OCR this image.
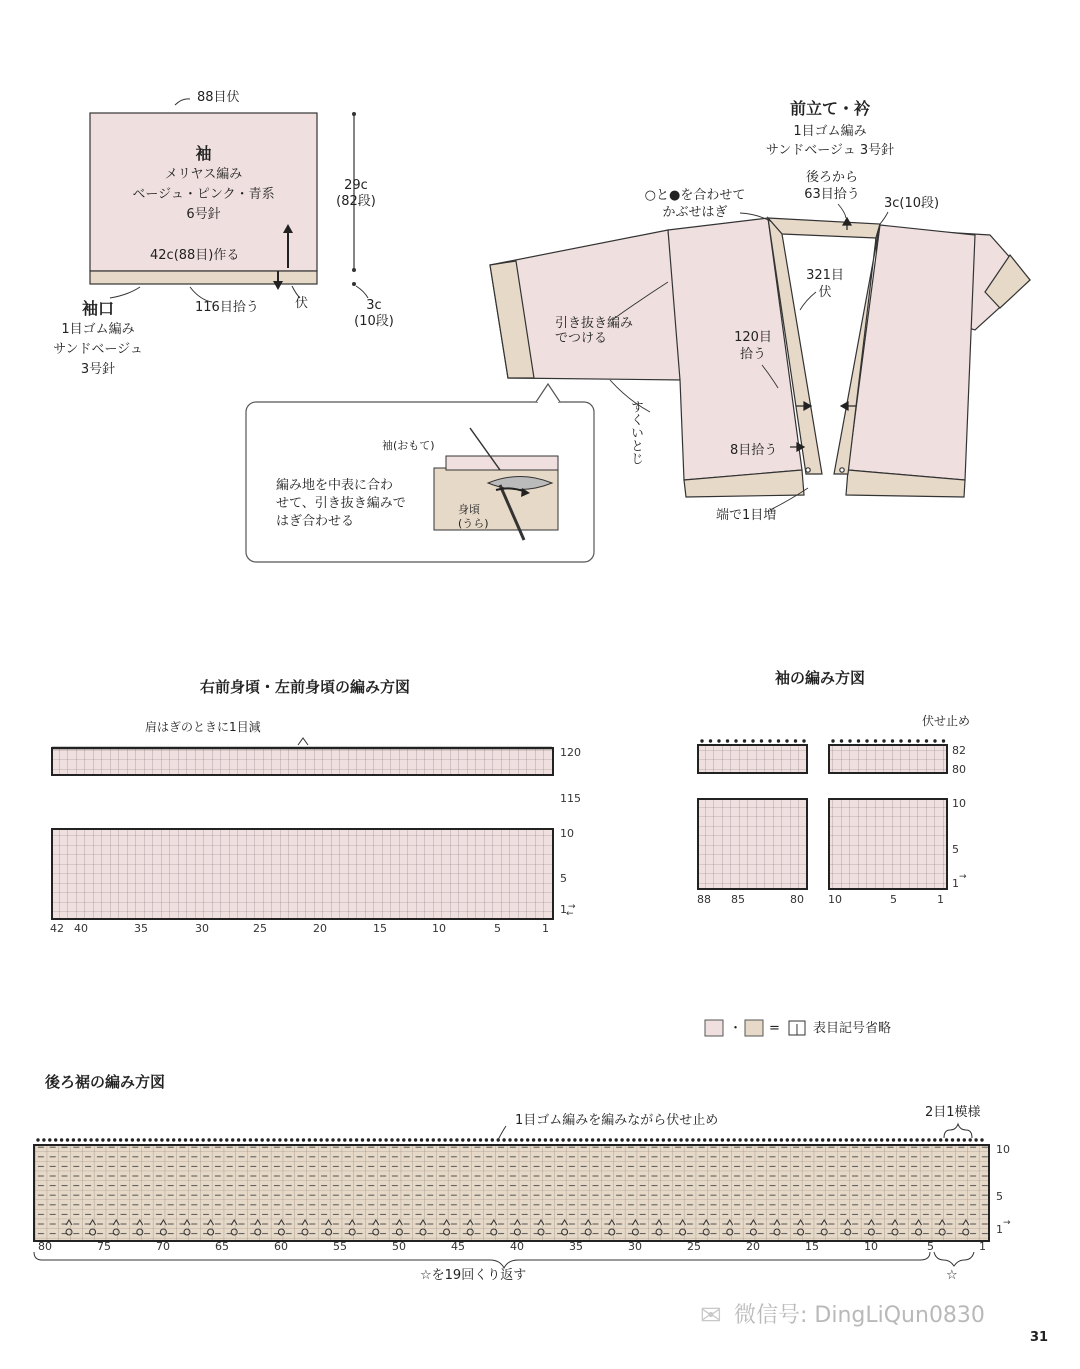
88目伏
袖
メリヤス編み
ベージュ・ピンク・青系
6号針
42c(88目)作る
116目拾う	伏
29c
(82段)
3c
(10段)
袖口
1目ゴム編み
サンドベージュ
3号針
前立て・衿
1目ゴム編み
サンドベージュ 3号針
○と●を合わせて
かぶせはぎ
後ろから
63目拾う
3c(10段)
321目
伏
120目
拾う
8目拾う
引き抜き編み
でつける
すくいとじ
端で1目増
袖(おもて)
身頃
(うら)
編み地を中表に合わ
せて、引き抜き編みで
はぎ合わせる
右前身頃・左前身頃の編み方図
肩はぎのときに1目減
120
115
10
5
1 →
←
42 40	35	30	25	20	15	10	5	1
袖の編み方図
伏せ止め
82
80
10
5
1 →
88 85	80 10	5	1
・ =	|	表目記号省略
後ろ裾の編み方図
1目ゴム編みを編みながら伏せ止め
2目1模様
10
5
1 →
80	75	70	65	60	55	50	45	40	35	30	25	20	15	10	5	1
☆を19回くり返す	☆
✉ 微信号: DingLiQun0830
31
